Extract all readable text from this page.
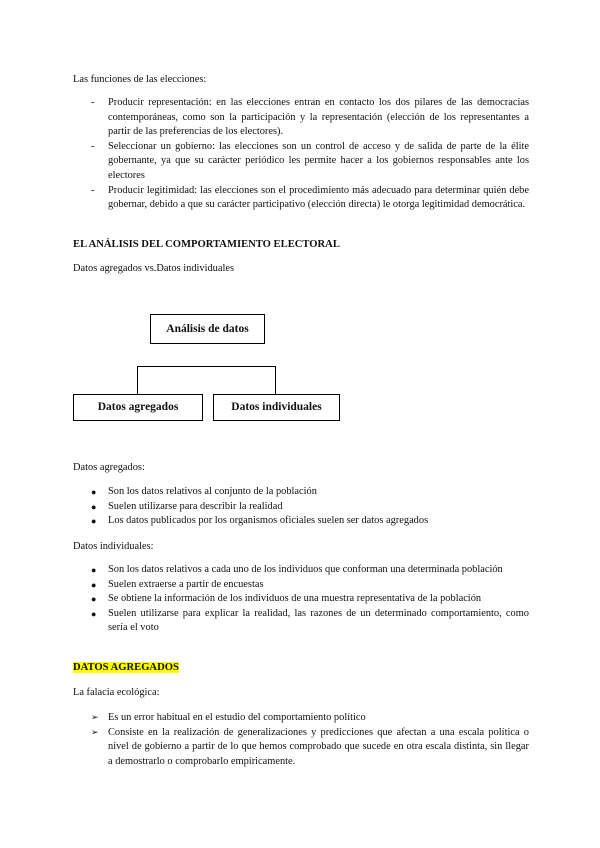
Las funciones de las elecciones:
- Producir representación: en las elecciones entran en contacto los dos pilares de las democracias contemporáneas, como son la participación y la representación (elección de los representantes a partir de las preferencias de los electores).
- Seleccionar un gobierno: las elecciones son un control de acceso y de salida de parte de la élite gobernante, ya que su carácter periódico les permite hacer a los gobiernos responsables ante los electores
- Producir legitimidad: las elecciones son el procedimiento más adecuado para determinar quién debe gobernar, debido a que su carácter participativo (elección directa) le otorga legitimidad democrática.
EL ANÁLISIS DEL COMPORTAMIENTO ELECTORAL
Datos agregados vs.Datos individuales
Análisis de datos
Datos agregados	Datos individuales
Datos agregados:
● Son los datos relativos al conjunto de la población
● Suelen utilizarse para describir la realidad
● Los datos publicados por los organismos oficiales suelen ser datos agregados
Datos individuales:
● Son los datos relativos a cada uno de los individuos que conforman una determinada población
● Suelen extraerse a partir de encuestas
● Se obtiene la información de los individuos de una muestra representativa de la población
● Suelen utilizarse para explicar la realidad, las razones de un determinado comportamiento, como sería el voto
DATOS AGREGADOS
La falacia ecológica:
➢ Es un error habitual en el estudio del comportamiento político
➢ Consiste en la realización de generalizaciones y predicciones que afectan a una escala política o nivel de gobierno a partir de lo que hemos comprobado que sucede en otra escala distinta, sin llegar a demostrarlo o comprobarlo empíricamente.
